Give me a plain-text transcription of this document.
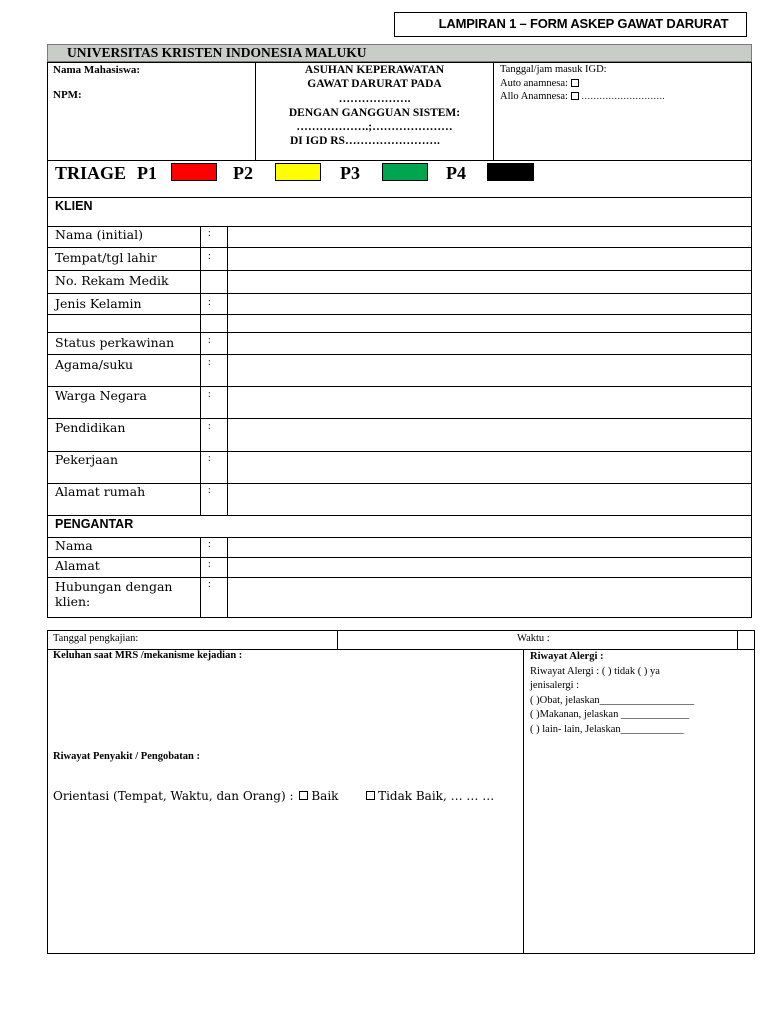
LAMPIRAN 1 – FORM ASKEP GAWAT DARURAT
UNIVERSITAS KRISTEN INDONESIA MALUKU
Nama Mahasiswa:
NPM:
ASUHAN KEPERAWATAN
GAWAT DARURAT PADA
……………….
DENGAN GANGGUAN SISTEM:
……………….;…………………
DI IGD RS…………………….
Tanggal/jam masuk IGD:
Auto anamnesa:
Allo Anamnesa: ……………………….
TRIAGE P1	P2	P3	P4
KLIEN
Nama (initial)	:
Tempat/tgl lahir	:
No. Rekam Medik
Jenis Kelamin	:
Status perkawinan	:
Agama/suku	:
Warga Negara	:
Pendidikan	:
Pekerjaan	:
Alamat rumah	:
PENGANTAR
Nama	:
Alamat	:
Hubungan dengan klien:
:
Tanggal pengkajian:	Waktu :
Keluhan saat MRS /mekanisme kejadian :
Riwayat Penyakit / Pengobatan :
Orientasi (Tempat, Waktu, dan Orang) : Baik	Tidak Baik, … … …
Riwayat Alergi :
Riwayat Alergi : ( ) tidak ( ) ya
jenisalergi :
( )Obat, jelaskan__________________
( )Makanan, jelaskan _____________
( ) lain- lain, Jelaskan____________
